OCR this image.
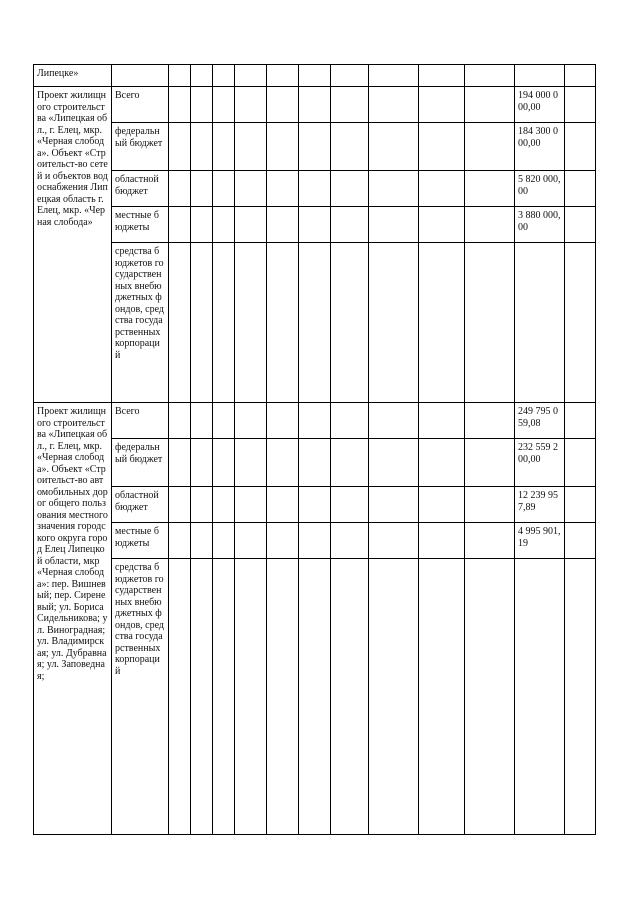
Липецке»													
Проект жилищного строительства «Липецкая обл., г. Елец, мкр. «Черная слобода». Объект «Строительст-во сетей и объектов водоснабжения Липецкая область г. Елец, мкр. «Черная слобода»	Всего											194 000 000,00	
	федеральный бюджет											184 300 000,00	
	областной бюджет											5 820 000,00	
	местные бюджеты											3 880 000,00	
	средства бюджетов государственных внебюджетных фондов, средства государственных корпораций												
Проект жилищного строительства «Липецкая обл., г. Елец, мкр. «Черная слобода». Объект «Строительст-во автомобильных дорог общего пользования местного значения городского округа город Елец Липецкой области, мкр «Черная слобода»: пер. Вишневый; пер. Сиреневый; ул. Бориса Сидельникова; ул. Виноградная; ул. Владимирская; ул. Дубравная; ул. Заповедная;	Всего											249 795 059,08	
	федеральный бюджет											232 559 200,00	
	областной бюджет											12 239 957,89	
	местные бюджеты											4 995 901,19	
	средства бюджетов государственных внебюджетных фондов, средства государственных корпораций												
